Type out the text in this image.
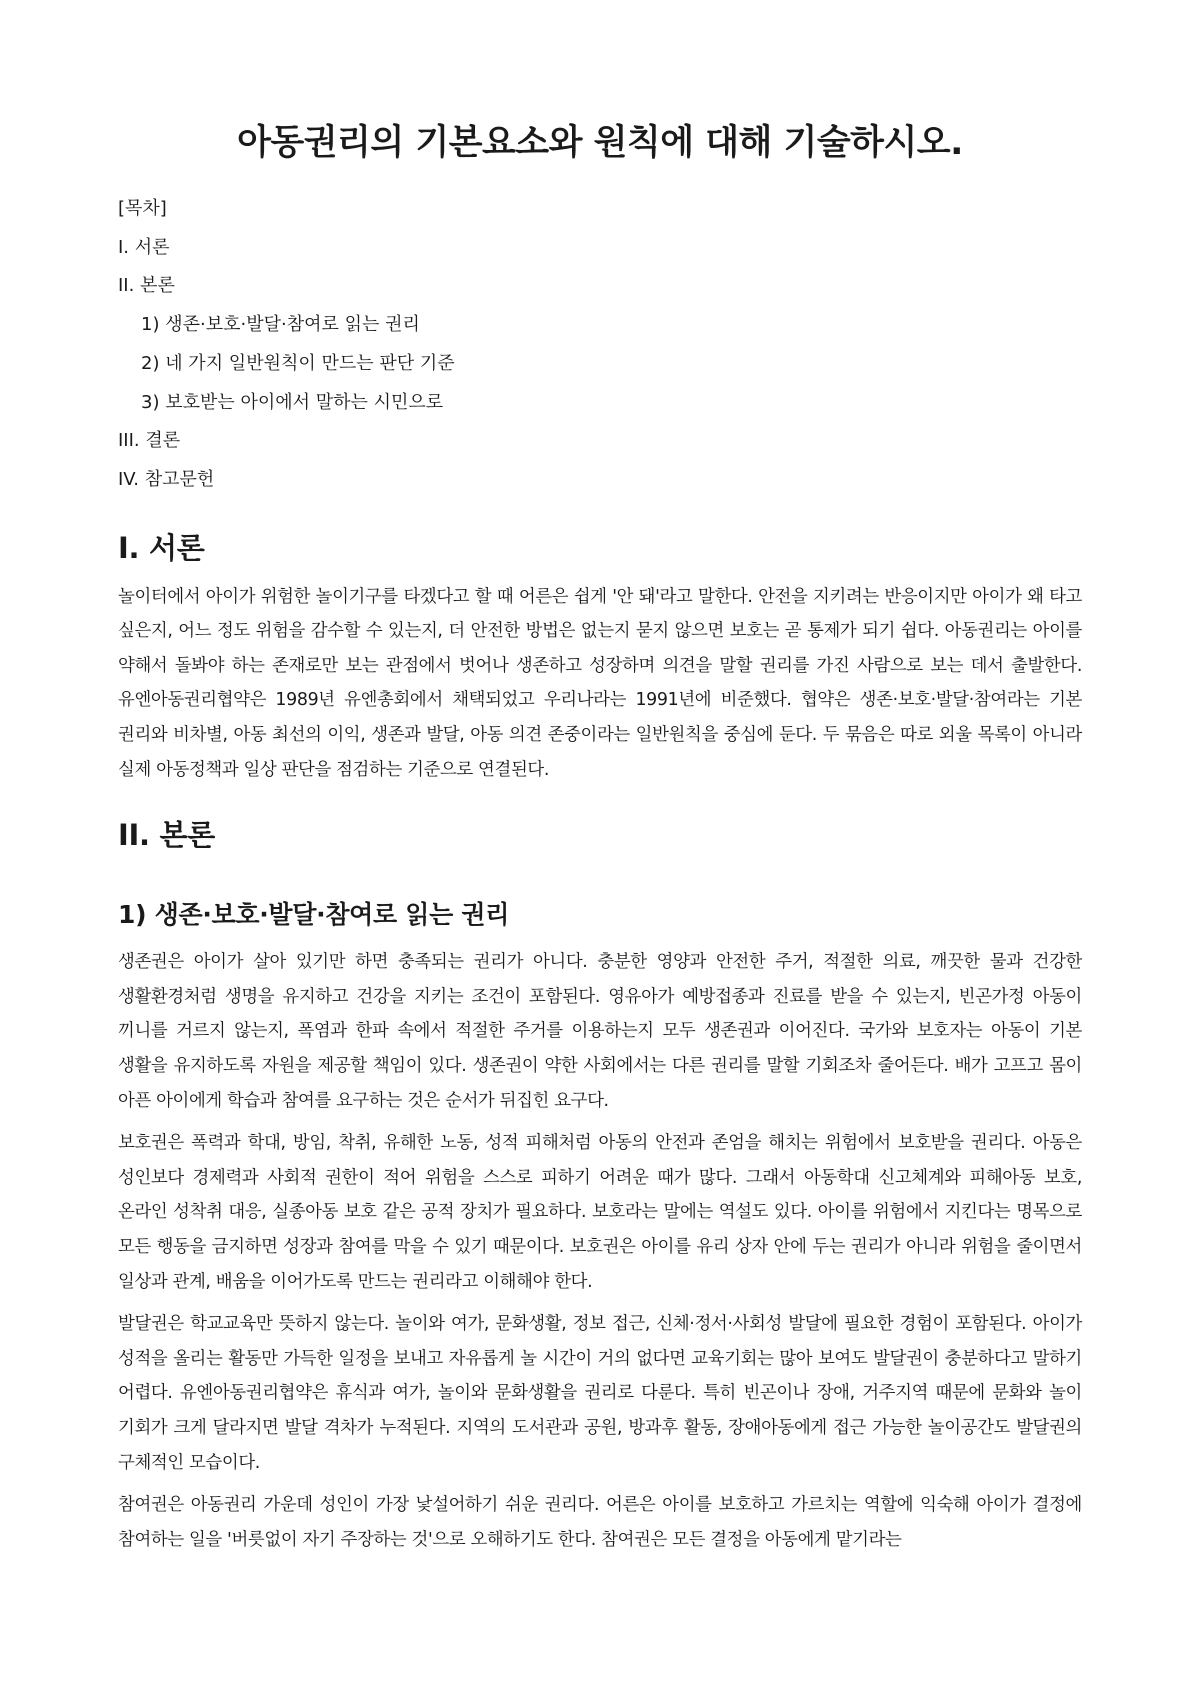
아동권리의 기본요소와 원칙에 대해 기술하시오.
[목차]
I. 서론
II. 본론
1) 생존·보호·발달·참여로 읽는 권리
2) 네 가지 일반원칙이 만드는 판단 기준
3) 보호받는 아이에서 말하는 시민으로
III. 결론
IV. 참고문헌
I. 서론

놀이터에서 아이가 위험한 놀이기구를 타겠다고 할 때 어른은 쉽게 '안 돼'라고 말한다. 안전을 지키려는 반응이지만 아이가 왜 타고 싶은지, 어느 정도 위험을 감수할 수 있는지, 더 안전한 방법은 없는지 묻지 않으면 보호는 곧 통제가 되기 쉽다. 아동권리는 아이를 약해서 돌봐야 하는 존재로만 보는 관점에서 벗어나 생존하고 성장하며 의견을 말할 권리를 가진 사람으로 보는 데서 출발한다. 유엔아동권리협약은 1989년 유엔총회에서 채택되었고 우리나라는 1991년에 비준했다. 협약은 생존·보호·발달·참여라는 기본 권리와 비차별, 아동 최선의 이익, 생존과 발달, 아동 의견 존중이라는 일반원칙을 중심에 둔다. 두 묶음은 따로 외울 목록이 아니라 실제 아동정책과 일상 판단을 점검하는 기준으로 연결된다.

II. 본론
1) 생존·보호·발달·참여로 읽는 권리

생존권은 아이가 살아 있기만 하면 충족되는 권리가 아니다. 충분한 영양과 안전한 주거, 적절한 의료, 깨끗한 물과 건강한 생활환경처럼 생명을 유지하고 건강을 지키는 조건이 포함된다. 영유아가 예방접종과 진료를 받을 수 있는지, 빈곤가정 아동이 끼니를 거르지 않는지, 폭염과 한파 속에서 적절한 주거를 이용하는지 모두 생존권과 이어진다. 국가와 보호자는 아동이 기본 생활을 유지하도록 자원을 제공할 책임이 있다. 생존권이 약한 사회에서는 다른 권리를 말할 기회조차 줄어든다. 배가 고프고 몸이 아픈 아이에게 학습과 참여를 요구하는 것은 순서가 뒤집힌 요구다.

보호권은 폭력과 학대, 방임, 착취, 유해한 노동, 성적 피해처럼 아동의 안전과 존엄을 해치는 위험에서 보호받을 권리다. 아동은 성인보다 경제력과 사회적 권한이 적어 위험을 스스로 피하기 어려운 때가 많다. 그래서 아동학대 신고체계와 피해아동 보호, 온라인 성착취 대응, 실종아동 보호 같은 공적 장치가 필요하다. 보호라는 말에는 역설도 있다. 아이를 위험에서 지킨다는 명목으로 모든 행동을 금지하면 성장과 참여를 막을 수 있기 때문이다. 보호권은 아이를 유리 상자 안에 두는 권리가 아니라 위험을 줄이면서 일상과 관계, 배움을 이어가도록 만드는 권리라고 이해해야 한다.

발달권은 학교교육만 뜻하지 않는다. 놀이와 여가, 문화생활, 정보 접근, 신체·정서·사회성 발달에 필요한 경험이 포함된다. 아이가 성적을 올리는 활동만 가득한 일정을 보내고 자유롭게 놀 시간이 거의 없다면 교육기회는 많아 보여도 발달권이 충분하다고 말하기 어렵다. 유엔아동권리협약은 휴식과 여가, 놀이와 문화생활을 권리로 다룬다. 특히 빈곤이나 장애, 거주지역 때문에 문화와 놀이 기회가 크게 달라지면 발달 격차가 누적된다. 지역의 도서관과 공원, 방과후 활동, 장애아동에게 접근 가능한 놀이공간도 발달권의 구체적인 모습이다.

참여권은 아동권리 가운데 성인이 가장 낯설어하기 쉬운 권리다. 어른은 아이를 보호하고 가르치는 역할에 익숙해 아이가 결정에 참여하는 일을 '버릇없이 자기 주장하는 것'으로 오해하기도 한다. 참여권은 모든 결정을 아동에게 맡기라는
